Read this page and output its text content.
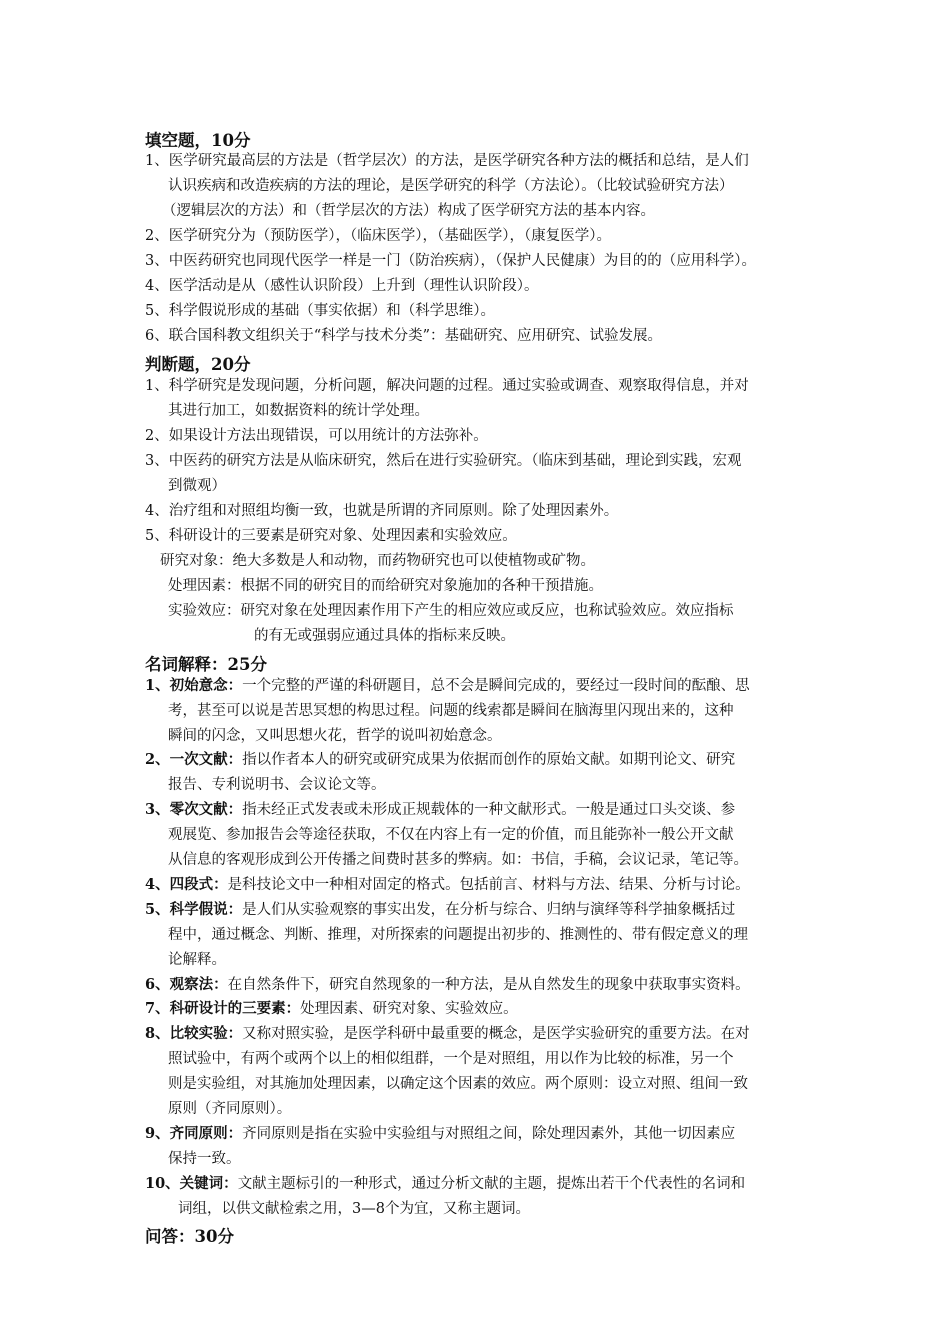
填空题，10分
1、医学研究最高层的方法是（哲学层次）的方法，是医学研究各种方法的概括和总结，是人们
认识疾病和改造疾病的方法的理论，是医学研究的科学（方法论）。（比较试验研究方法）
（逻辑层次的方法）和（哲学层次的方法）构成了医学研究方法的基本内容。
2、医学研究分为（预防医学），（临床医学），（基础医学），（康复医学）。
3、中医药研究也同现代医学一样是一门（防治疾病），（保护人民健康）为目的的（应用科学）。
4、医学活动是从（感性认识阶段）上升到（理性认识阶段）。
5、科学假说形成的基础（事实依据）和（科学思维）。
6、联合国科教文组织关于“科学与技术分类”：基础研究、应用研究、试验发展。
判断题，20分
1、科学研究是发现问题，分析问题，解决问题的过程。通过实验或调查、观察取得信息，并对
其进行加工，如数据资料的统计学处理。
2、如果设计方法出现错误，可以用统计的方法弥补。
3、中医药的研究方法是从临床研究，然后在进行实验研究。（临床到基础，理论到实践，宏观
到微观）
4、治疗组和对照组均衡一致，也就是所谓的齐同原则。除了处理因素外。
5、科研设计的三要素是研究对象、处理因素和实验效应。
研究对象：绝大多数是人和动物，而药物研究也可以使植物或矿物。
处理因素：根据不同的研究目的而给研究对象施加的各种干预措施。
实验效应：研究对象在处理因素作用下产生的相应效应或反应，也称试验效应。效应指标
的有无或强弱应通过具体的指标来反映。
名词解释：25分
1、初始意念：一个完整的严谨的科研题目，总不会是瞬间完成的，要经过一段时间的酝酿、思
考，甚至可以说是苦思冥想的构思过程。问题的线索都是瞬间在脑海里闪现出来的，这种
瞬间的闪念，又叫思想火花，哲学的说叫初始意念。
2、一次文献：指以作者本人的研究或研究成果为依据而创作的原始文献。如期刊论文、研究
报告、专利说明书、会议论文等。
3、零次文献：指未经正式发表或未形成正规载体的一种文献形式。一般是通过口头交谈、参
观展览、参加报告会等途径获取，不仅在内容上有一定的价值，而且能弥补一般公开文献
从信息的客观形成到公开传播之间费时甚多的弊病。如：书信，手稿，会议记录，笔记等。
4、四段式：是科技论文中一种相对固定的格式。包括前言、材料与方法、结果、分析与讨论。
5、科学假说：是人们从实验观察的事实出发，在分析与综合、归纳与演绎等科学抽象概括过
程中，通过概念、判断、推理，对所探索的问题提出初步的、推测性的、带有假定意义的理
论解释。
6、观察法：在自然条件下，研究自然现象的一种方法，是从自然发生的现象中获取事实资料。
7、科研设计的三要素：处理因素、研究对象、实验效应。
8、比较实验：又称对照实验，是医学科研中最重要的概念，是医学实验研究的重要方法。在对
照试验中，有两个或两个以上的相似组群，一个是对照组，用以作为比较的标准，另一个
则是实验组，对其施加处理因素，以确定这个因素的效应。两个原则：设立对照、组间一致
原则（齐同原则）。
9、齐同原则：齐同原则是指在实验中实验组与对照组之间，除处理因素外，其他一切因素应
保持一致。
10、关键词：文献主题标引的一种形式，通过分析文献的主题，提炼出若干个代表性的名词和
词组，以供文献检索之用，3—8个为宜，又称主题词。
问答：30分
